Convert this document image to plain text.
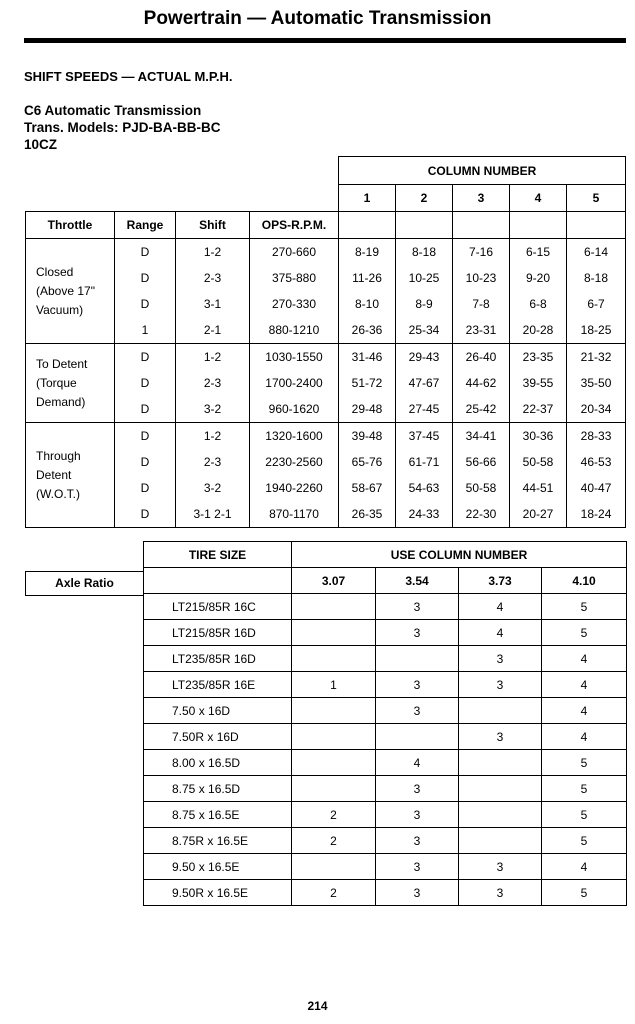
Powertrain — Automatic Transmission
SHIFT SPEEDS — ACTUAL M.P.H.
C6 Automatic Transmission
Trans. Models: PJD-BA-BB-BC
10CZ
				COLUMN NUMBER				
				1	2	3	4	5
Throttle	Range	Shift	OPS-R.P.M.					

Closed
(Above 17"
Vacuum)	D	1-2	270-660	8-19	8-18	7-16	6-15	6-14
	D	2-3	375-880	11-26	10-25	10-23	9-20	8-18
	D	3-1	270-330	8-10	8-9	7-8	6-8	6-7
	1	2-1	880-1210	26-36	25-34	23-31	20-28	18-25

To Detent
(Torque
Demand)	D	1-2	1030-1550	31-46	29-43	26-40	23-35	21-32
	D	2-3	1700-2400	51-72	47-67	44-62	39-55	35-50
	D	3-2	960-1620	29-48	27-45	25-42	22-37	20-34

Through
Detent
(W.O.T.)	D	1-2	1320-1600	39-48	37-45	34-41	30-36	28-33
	D	2-3	2230-2560	65-76	61-71	56-66	50-58	46-53
	D	3-2	1940-2260	58-67	54-63	50-58	44-51	40-47
	D	3-1 2-1	870-1170	26-35	24-33	22-30	20-27	18-24
Axle Ratio
TIRE SIZE	USE COLUMN NUMBER			
	3.07	3.54	3.73	4.10
LT215/85R 16C		3	4	5
LT215/85R 16D		3	4	5
LT235/85R 16D			3	4
LT235/85R 16E	1	3	3	4
7.50 x 16D		3		4
7.50R x 16D			3	4
8.00 x 16.5D		4		5
8.75 x 16.5D		3		5
8.75 x 16.5E	2	3		5
8.75R x 16.5E	2	3		5
9.50 x 16.5E		3	3	4
9.50R x 16.5E	2	3	3	5
214
